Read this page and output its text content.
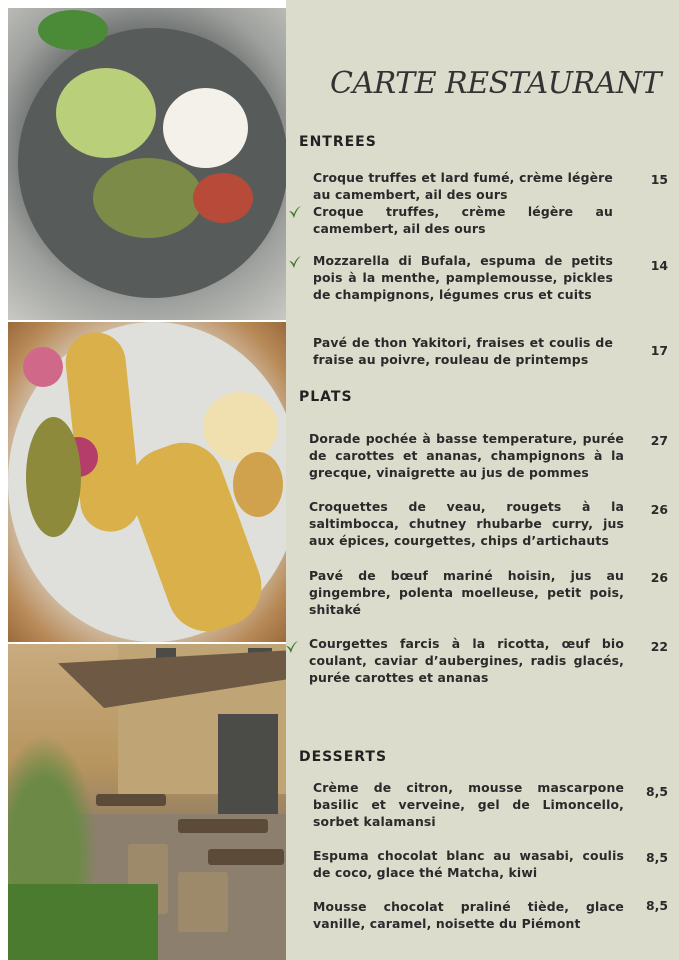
CARTE RESTAURANT
ENTREES
Croque truffes et lard fumé, crème légère au camembert, ail des ours
15
Croque truffes, crème légère au camembert, ail des ours
Mozzarella di Bufala, espuma de petits pois à la menthe, pamplemousse, pickles de champignons, légumes crus et cuits
14
Pavé de thon Yakitori, fraises et coulis de fraise au poivre, rouleau de printemps
17
PLATS
Dorade pochée à basse temperature, purée de carottes et ananas, champignons à la grecque, vinaigrette au jus de pommes
27
Croquettes de veau, rougets à la saltimbocca, chutney rhubarbe curry, jus aux épices, courgettes, chips d’artichauts
26
Pavé de bœuf mariné hoisin, jus au gingembre, polenta moelleuse, petit pois, shitaké
26
Courgettes farcis à la ricotta, œuf bio coulant, caviar d’aubergines, radis glacés, purée carottes et ananas
22
DESSERTS
Crème de citron, mousse mascarpone basilic et verveine, gel de Limoncello, sorbet kalamansi
8,5
Espuma chocolat blanc au wasabi, coulis de coco, glace thé Matcha, kiwi
8,5
Mousse chocolat praliné tiède, glace vanille, caramel, noisette du Piémont
8,5
